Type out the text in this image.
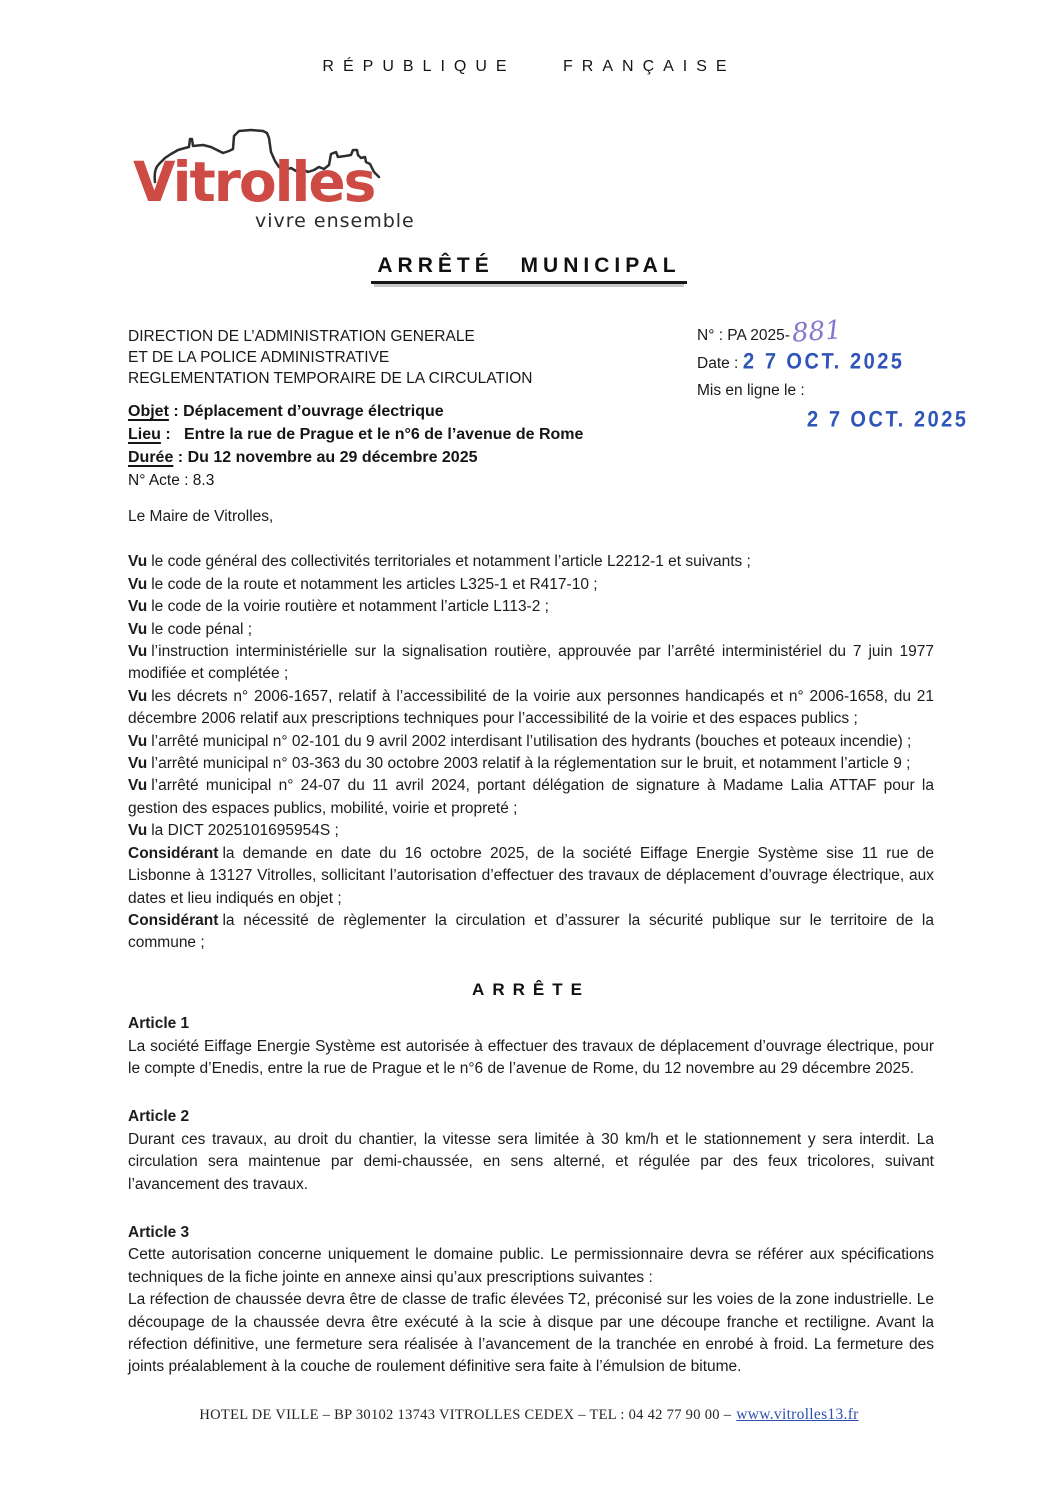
RÉPUBLIQUE FRANÇAISE
Vitrolles
vivre ensemble
ARRÊTÉ MUNICIPAL
DIRECTION DE L’ADMINISTRATION GENERALE
ET DE LA POLICE ADMINISTRATIVE
REGLEMENTATION TEMPORAIRE DE LA CIRCULATION
N° : PA 2025-881
Date : 2 7 OCT. 2025
Mis en ligne le :
2 7 OCT. 2025
Objet : Déplacement d’ouvrage électrique
Lieu :   Entre la rue de Prague et le n°6 de l’avenue de Rome
Durée : Du 12 novembre au 29 décembre 2025
N° Acte : 8.3

Le Maire de Vitrolles,

Vu le code général des collectivités territoriales et notamment l’article L2212-1 et suivants ;

Vu le code de la route et notamment les articles L325-1 et R417-10 ;

Vu le code de la voirie routière et notamment l’article L113-2 ;

Vu le code pénal ;

Vu l’instruction interministérielle sur la signalisation routière, approuvée par l’arrêté interministériel du 7 juin 1977 modifiée et complétée ;

Vu les décrets n° 2006-1657, relatif à l’accessibilité de la voirie aux personnes handicapés et n° 2006-1658, du 21 décembre 2006 relatif aux prescriptions techniques pour l’accessibilité de la voirie et des espaces publics ;

Vu l’arrêté municipal n° 02-101 du 9 avril 2002 interdisant l’utilisation des hydrants (bouches et poteaux incendie) ;

Vu l’arrêté municipal n° 03-363 du 30 octobre 2003 relatif à la réglementation sur le bruit, et notamment l’article 9 ;

Vu l’arrêté municipal n° 24-07 du 11 avril 2024, portant délégation de signature à Madame Lalia ATTAF pour la gestion des espaces publics, mobilité, voirie et propreté ;

Vu la DICT 2025101695954S ;

Considérant la demande en date du 16 octobre 2025, de la société Eiffage Energie Système sise 11 rue de Lisbonne à 13127 Vitrolles, sollicitant l’autorisation d’effectuer des travaux de déplacement d’ouvrage électrique, aux dates et lieu indiqués en objet ;

Considérant la nécessité de règlementer la circulation et d’assurer la sécurité publique sur le territoire de la commune ;

ARRÊTE
Article 1

La société Eiffage Energie Système est autorisée à effectuer des travaux de déplacement d’ouvrage électrique, pour le compte d’Enedis, entre la rue de Prague et le n°6 de l’avenue de Rome, du 12 novembre au 29 décembre 2025.

Article 2

Durant ces travaux, au droit du chantier, la vitesse sera limitée à 30 km/h et le stationnement y sera interdit. La circulation sera maintenue par demi-chaussée, en sens alterné, et régulée par des feux tricolores, suivant l’avancement des travaux.

Article 3

Cette autorisation concerne uniquement le domaine public. Le permissionnaire devra se référer aux spécifications techniques de la fiche jointe en annexe ainsi qu’aux prescriptions suivantes :

La réfection de chaussée devra être de classe de trafic élevées T2, préconisé sur les voies de la zone industrielle. Le découpage de la chaussée devra être exécuté à la scie à disque par une découpe franche et rectiligne. Avant la réfection définitive, une fermeture sera réalisée à l’avancement de la tranchée en enrobé à froid. La fermeture des joints préalablement à la couche de roulement définitive sera faite à l’émulsion de bitume.

HOTEL DE VILLE – BP 30102 13743 VITROLLES CEDEX – TEL : 04 42 77 90 00 – www.vitrolles13.fr
